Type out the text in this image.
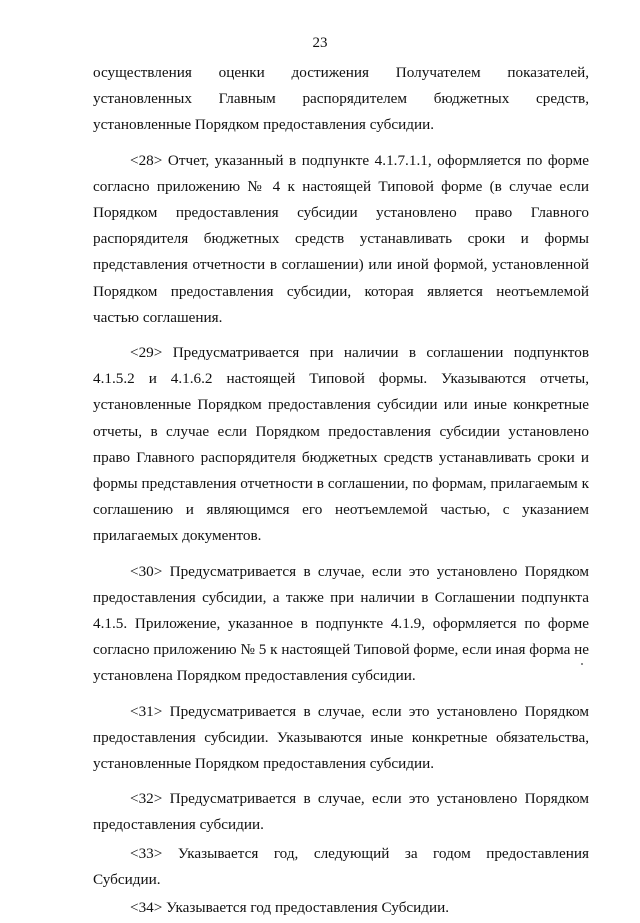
23

осуществления оценки достижения Получателем показателей, установленных Главным распорядителем бюджетных средств, установленные Порядком предоставления субсидии.

<28> Отчет, указанный в подпункте 4.1.7.1.1, оформляется по форме согласно приложению № 4 к настоящей Типовой форме (в случае если Порядком предоставления субсидии установлено право Главного распорядителя бюджетных средств устанавливать сроки и формы представления отчетности в соглашении) или иной формой, установленной Порядком предоставления субсидии, которая является неотъемлемой частью соглашения.

<29> Предусматривается при наличии в соглашении подпунктов 4.1.5.2 и 4.1.6.2 настоящей Типовой формы. Указываются отчеты, установленные Порядком предоставления субсидии или иные конкретные отчеты, в случае если Порядком предоставления субсидии установлено право Главного распорядителя бюджетных средств устанавливать сроки и формы представления отчетности в соглашении, по формам, прилагаемым к соглашению и являющимся его неотъемлемой частью, с указанием прилагаемых документов.

<30> Предусматривается в случае, если это установлено Порядком предоставления субсидии, а также при наличии в Соглашении подпункта 4.1.5. Приложение, указанное в подпункте 4.1.9, оформляется по форме согласно приложению № 5 к настоящей Типовой форме, если иная форма не установлена Порядком предоставления субсидии.

<31> Предусматривается в случае, если это установлено Порядком предоставления субсидии. Указываются иные конкретные обязательства, установленные Порядком предоставления субсидии.

<32> Предусматривается в случае, если это установлено Порядком предоставления субсидии.

<33> Указывается год, следующий за годом предоставления Субсидии.

<34> Указывается год предоставления Субсидии.
